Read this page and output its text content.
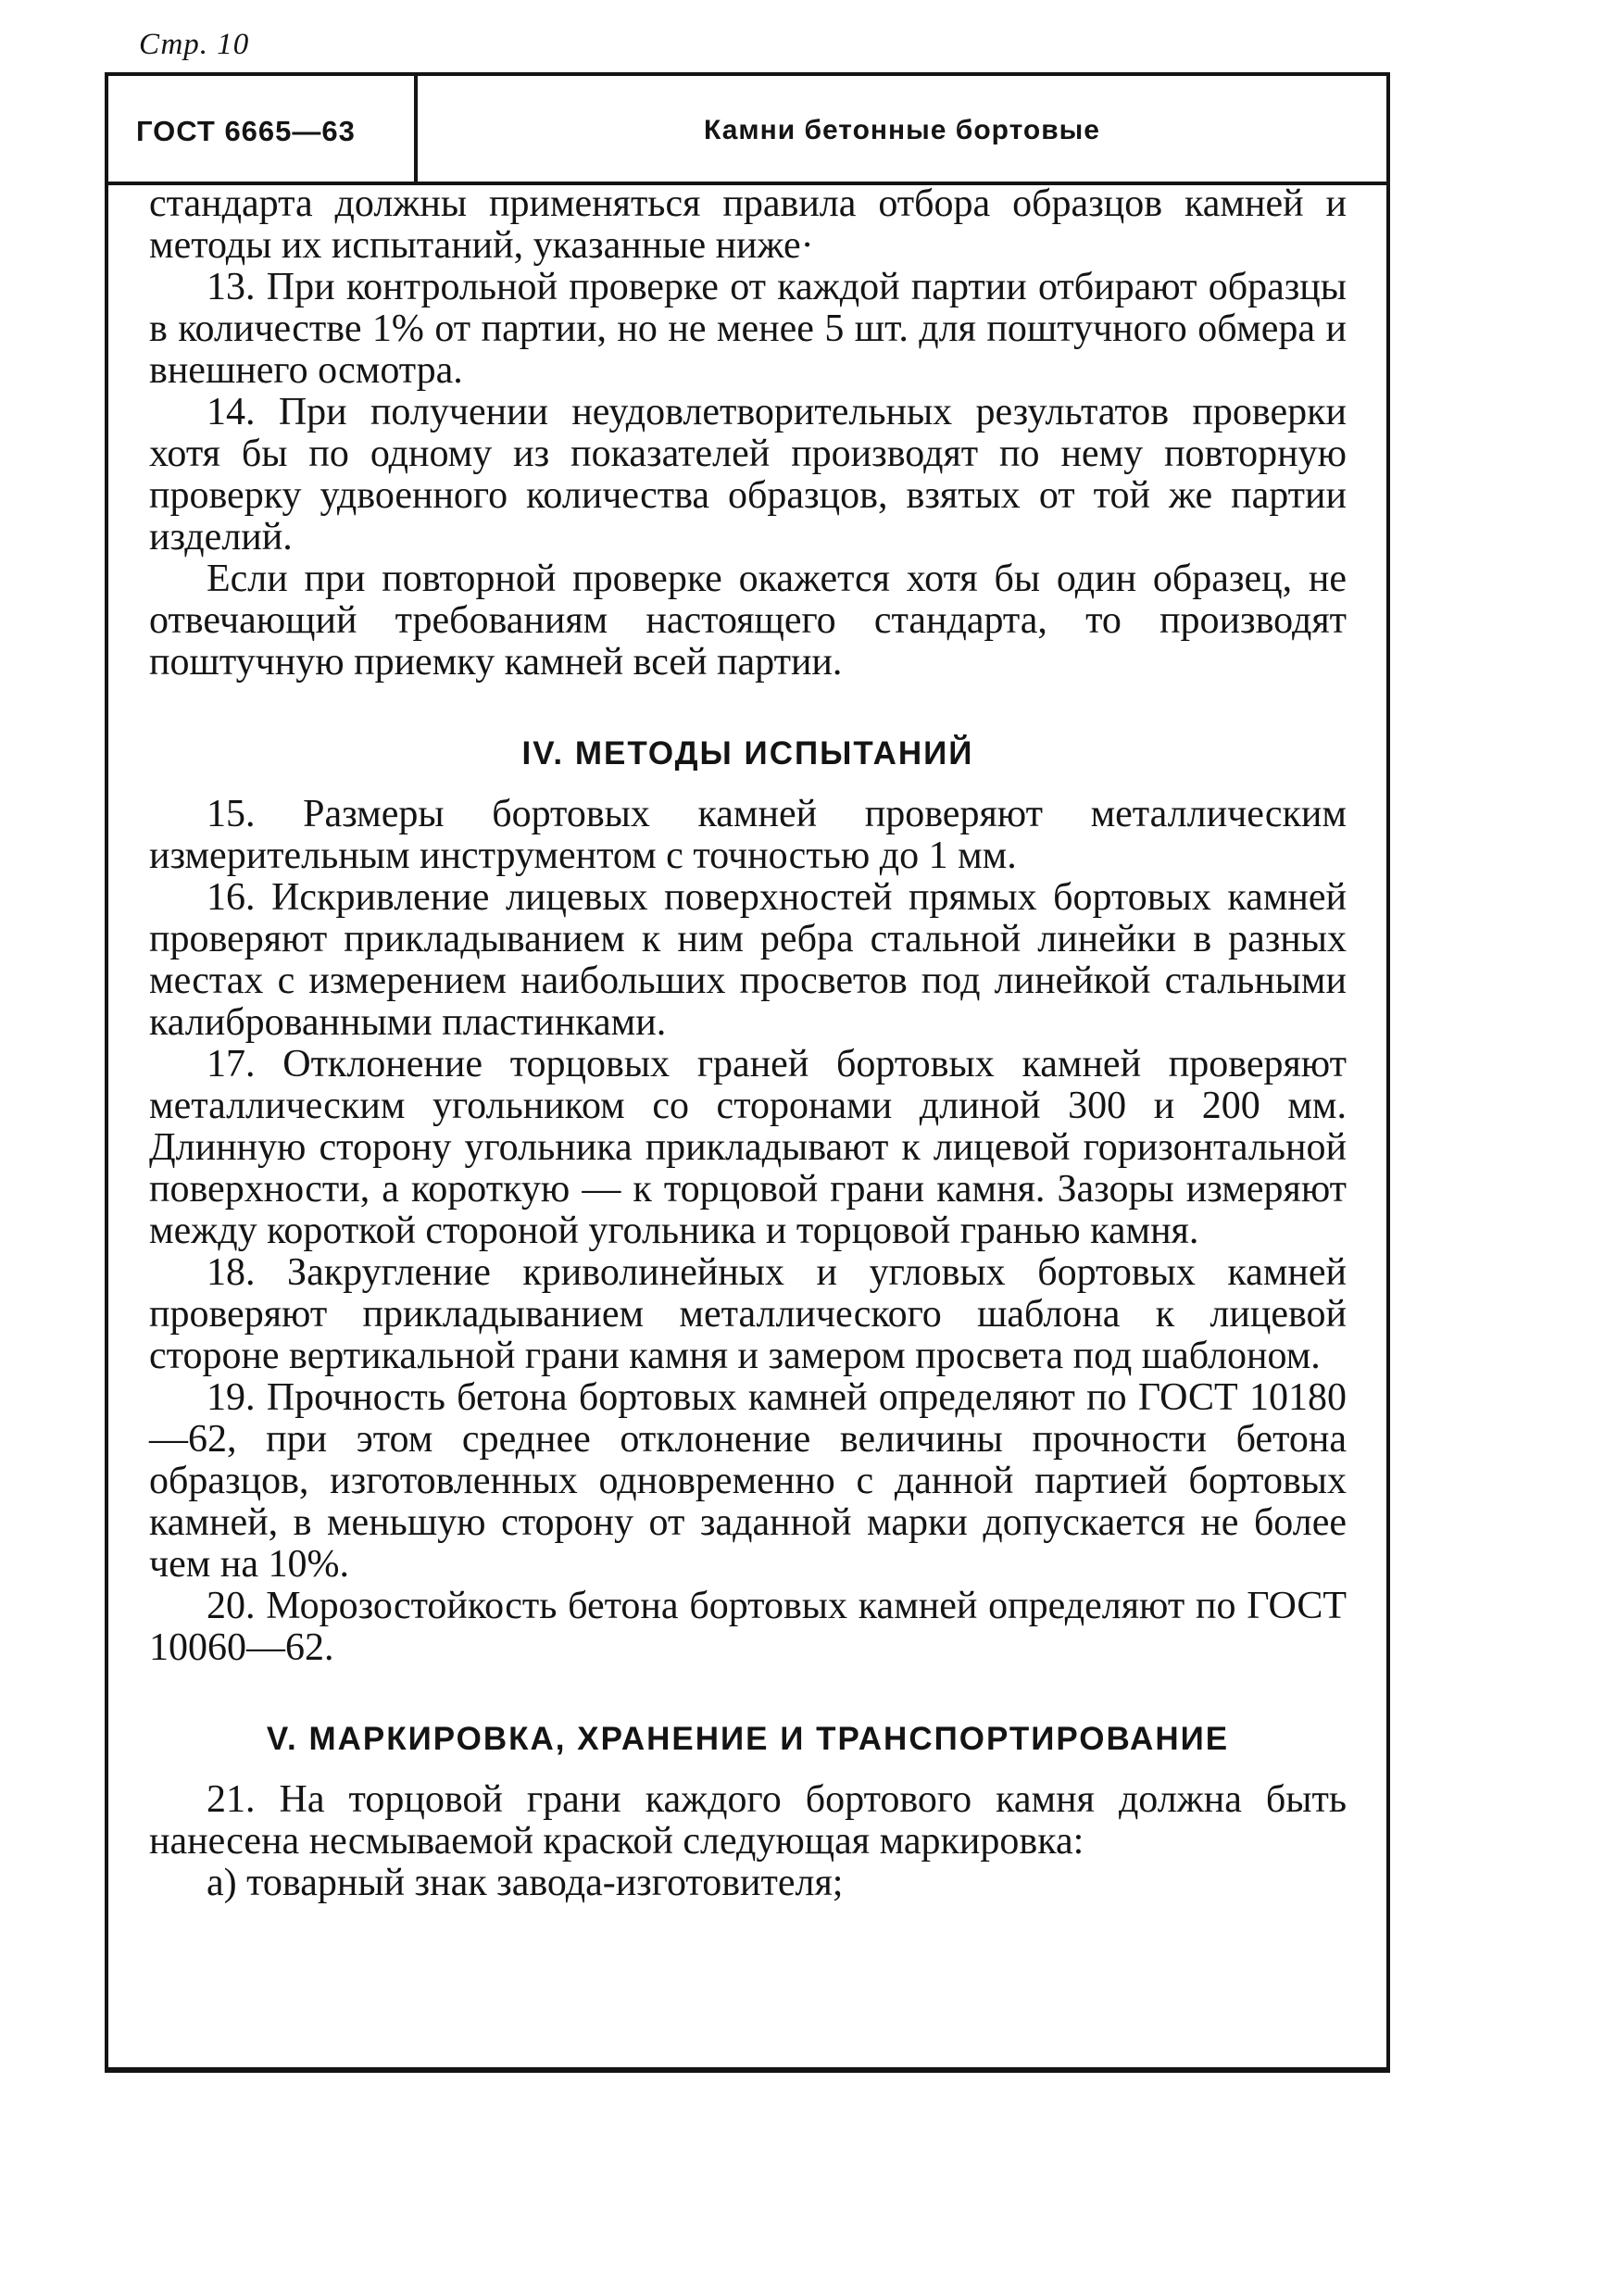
Стр. 10
ГОСТ 6665—63	Камни бетонные бортовые

стандарта должны применяться правила отбора образцов камней и методы их испытаний, указанные ниже·

13. При контрольной проверке от каждой партии отбирают образцы в количестве 1% от партии, но не менее 5 шт. для поштучного обмера и внешнего осмотра.

14. При получении неудовлетворительных результатов проверки хотя бы по одному из показателей производят по нему повторную проверку удвоенного количества образцов, взятых от той же партии изделий.

Если при повторной проверке окажется хотя бы один образец, не отвечающий требованиям настоящего стандарта, то производят поштучную приемку камней всей партии.

IV. МЕТОДЫ ИСПЫТАНИЙ

15. Размеры бортовых камней проверяют металлическим измерительным инструментом с точностью до 1 мм.

16. Искривление лицевых поверхностей прямых бортовых камней проверяют прикладыванием к ним ребра стальной линейки в разных местах с измерением наибольших просветов под линейкой стальными калиброванными пластинками.

17. Отклонение торцовых граней бортовых камней проверяют металлическим угольником со сторонами длиной 300 и 200 мм. Длинную сторону угольника прикладывают к лицевой горизонтальной поверхности, а короткую — к торцовой грани камня. Зазоры измеряют между короткой стороной угольника и торцовой гранью камня.

18. Закругление криволинейных и угловых бортовых камней проверяют прикладыванием металлического шаблона к лицевой стороне вертикальной грани камня и замером просвета под шаблоном.

19. Прочность бетона бортовых камней определяют по ГОСТ 10180—62, при этом среднее отклонение величины прочности бетона образцов, изготовленных одновременно с данной партией бортовых камней, в меньшую сторону от заданной марки допускается не более чем на 10%.

20. Морозостойкость бетона бортовых камней определяют по ГОСТ 10060—62.

V. МАРКИРОВКА, ХРАНЕНИЕ И ТРАНСПОРТИРОВАНИЕ

21. На торцовой грани каждого бортового камня должна быть нанесена несмываемой краской следующая маркировка:

а) товарный знак завода-изготовителя;
